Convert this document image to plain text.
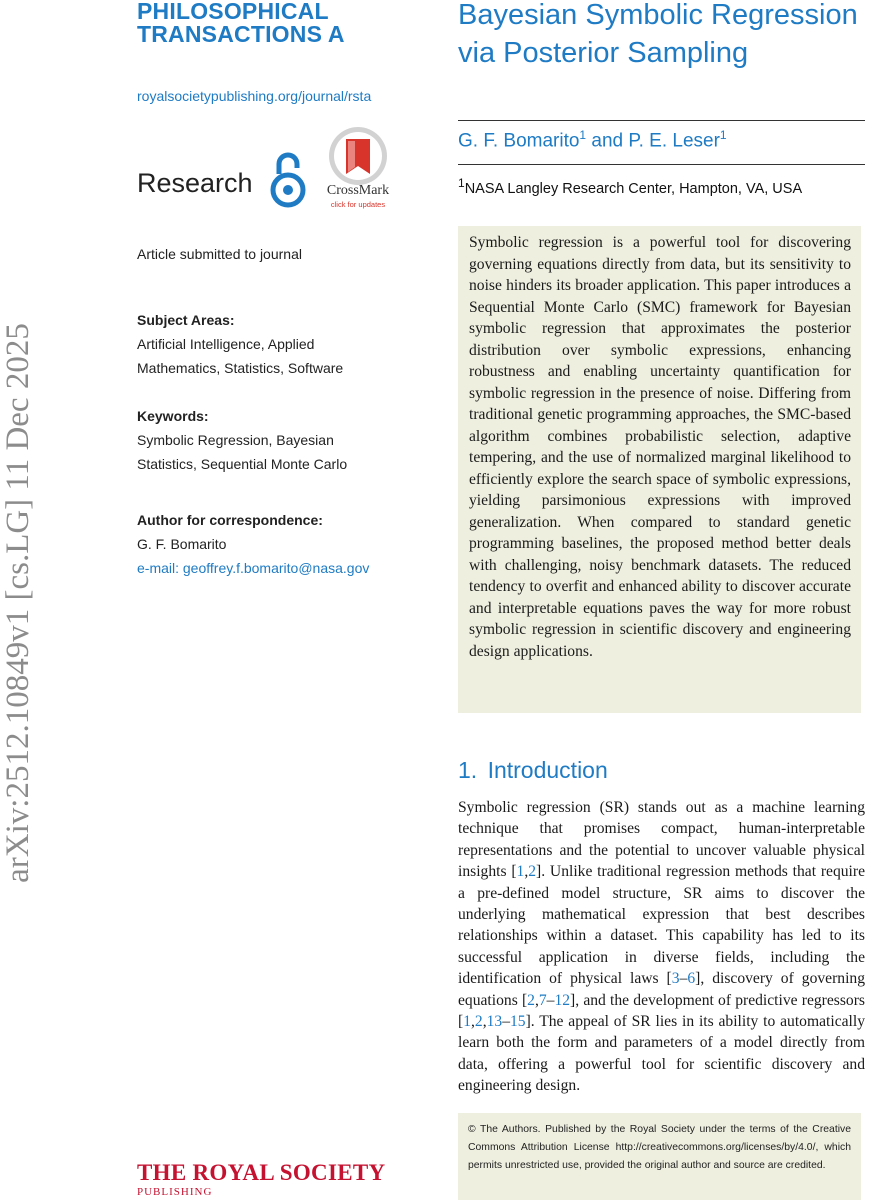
arXiv:2512.10849v1 [cs.LG] 11 Dec 2025
PHILOSOPHICAL
TRANSACTIONS A
royalsocietypublishing.org/journal/rsta
Research	CrossMark
click for updates
Article submitted to journal
Subject Areas:
Artificial Intelligence, Applied
Mathematics, Statistics, Software
Keywords:
Symbolic Regression, Bayesian
Statistics, Sequential Monte Carlo
Author for correspondence:
G. F. Bomarito
e-mail: geoffrey.f.bomarito@nasa.gov
Bayesian Symbolic Regression via Posterior Sampling
G. F. Bomarito$^1$ and P. E. Leser$^1$
$^1$NASA Langley Research Center, Hampton, VA, USA

Symbolic regression is a powerful tool for discovering governing equations directly from data, but its sensitivity to noise hinders its broader application. This paper introduces a Sequential Monte Carlo (SMC) framework for Bayesian symbolic regression that approximates the posterior distribution over symbolic expressions, enhancing robustness and enabling uncertainty quantification for symbolic regression in the presence of noise. Differing from traditional genetic programming approaches, the SMC-based algorithm combines probabilistic selection, adaptive tempering, and the use of normalized marginal likelihood to efficiently explore the search space of symbolic expressions, yielding parsimonious expressions with improved generalization. When compared to standard genetic programming baselines, the proposed method better deals with challenging, noisy benchmark datasets. The reduced tendency to overfit and enhanced ability to discover accurate and interpretable equations paves the way for more robust symbolic regression in scientific discovery and engineering design applications.

1. Introduction

Symbolic regression (SR) stands out as a machine learning technique that promises compact, human-interpretable representations and the potential to uncover valuable physical insights [1,2]. Unlike traditional regression methods that require a pre-defined model structure, SR aims to discover the underlying mathematical expression that best describes relationships within a dataset. This capability has led to its successful application in diverse fields, including the identification of physical laws [3–6], discovery of governing equations [2,7–12], and the development of predictive regressors [1,2,13–15]. The appeal of SR lies in its ability to automatically learn both the form and parameters of a model directly from data, offering a powerful tool for scientific discovery and engineering design.

© The Authors. Published by the Royal Society under the terms of the Creative Commons Attribution License http://creativecommons.org/licenses/by/4.0/, which permits unrestricted use, provided the original author and source are credited.

THE ROYAL SOCIETY
PUBLISHING
